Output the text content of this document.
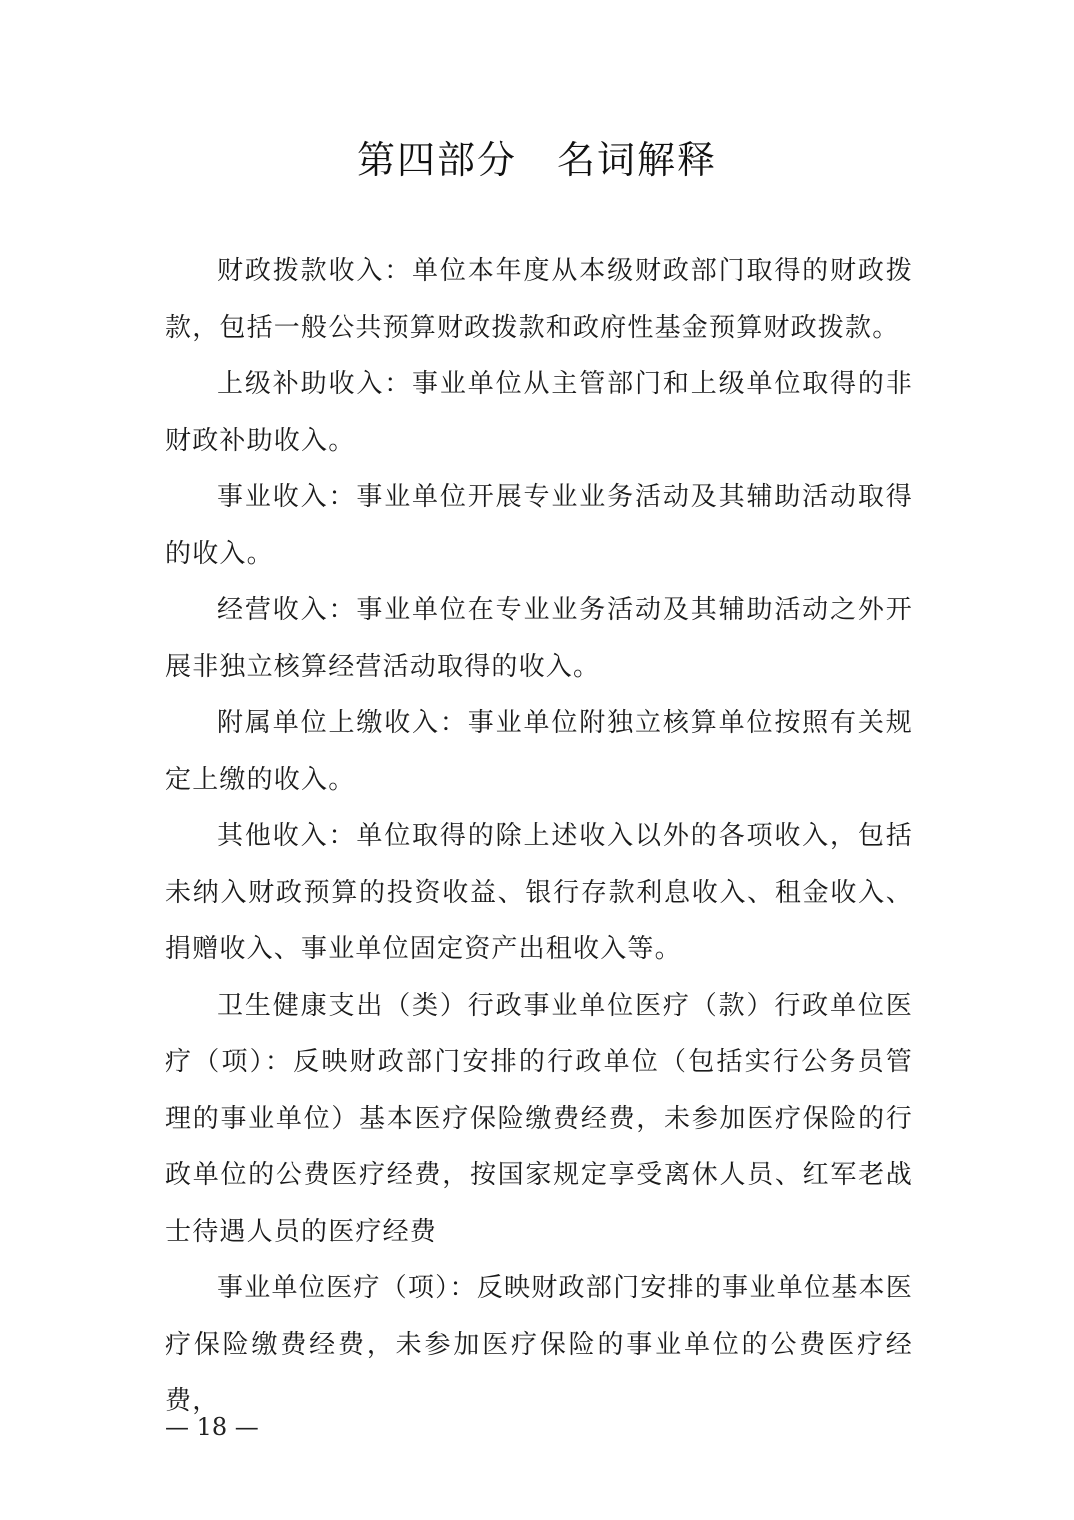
第四部分　名词解释

财政拨款收入：单位本年度从本级财政部门取得的财政拨款，包括一般公共预算财政拨款和政府性基金预算财政拨款。

上级补助收入：事业单位从主管部门和上级单位取得的非财政补助收入。

事业收入：事业单位开展专业业务活动及其辅助活动取得的收入。

经营收入：事业单位在专业业务活动及其辅助活动之外开展非独立核算经营活动取得的收入。

附属单位上缴收入：事业单位附独立核算单位按照有关规定上缴的收入。

其他收入：单位取得的除上述收入以外的各项收入，包括未纳入财政预算的投资收益、银行存款利息收入、租金收入、捐赠收入、事业单位固定资产出租收入等。

卫生健康支出（类）行政事业单位医疗（款）行政单位医疗（项）：反映财政部门安排的行政单位（包括实行公务员管理的事业单位）基本医疗保险缴费经费，未参加医疗保险的行政单位的公费医疗经费，按国家规定享受离休人员、红军老战士待遇人员的医疗经费

事业单位医疗（项）：反映财政部门安排的事业单位基本医疗保险缴费经费，未参加医疗保险的事业单位的公费医疗经费，

— 18 —
